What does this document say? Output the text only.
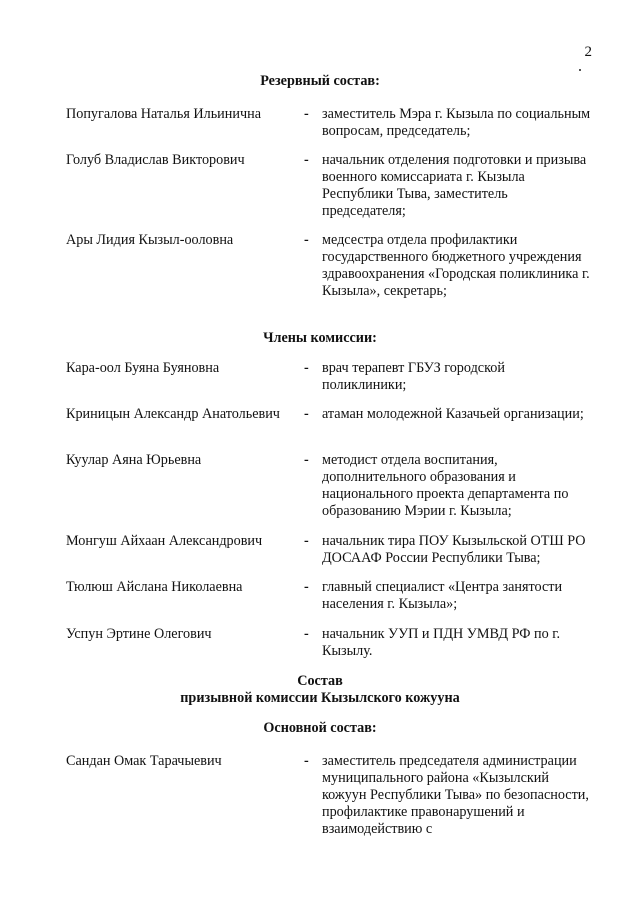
2
Резервный состав:
Попугалова Наталья Ильинична	- заместитель Мэра г. Кызыла по социальным вопросам, председатель;
Голуб Владислав Викторович	- начальник отделения подготовки и призыва военного комиссариата г. Кызыла Республики Тыва, заместитель председателя;
Ары Лидия Кызыл-ооловна	- медсестра отдела профилактики государственного бюджетного учреждения здравоохранения «Городская поликлиника г. Кызыла», секретарь;
Члены комиссии:
Кара-оол Буяна Буяновна	- врач терапевт ГБУЗ городской поликлиники;
Криницын Александр Анатольевич	- атаман молодежной Казачьей организации;
Куулар Аяна Юрьевна	- методист отдела воспитания, дополнительного образования и национального проекта департамента по образованию Мэрии г. Кызыла;
Монгуш Айхаан Александрович	- начальник тира ПОУ Кызыльской ОТШ РО ДОСААФ России Республики Тыва;
Тюлюш Айслана Николаевна	- главный специалист «Центра занятости населения г. Кызыла»;
Успун Эртине Олегович	- начальник УУП и ПДН УМВД РФ по г. Кызылу.
Состав
призывной комиссии Кызылского кожууна
Основной состав:
Сандан Омак Тарачыевич	- заместитель председателя администрации муниципального района «Кызылский кожуун Республики Тыва» по безопасности, профилактике правонарушений и взаимодействию с
